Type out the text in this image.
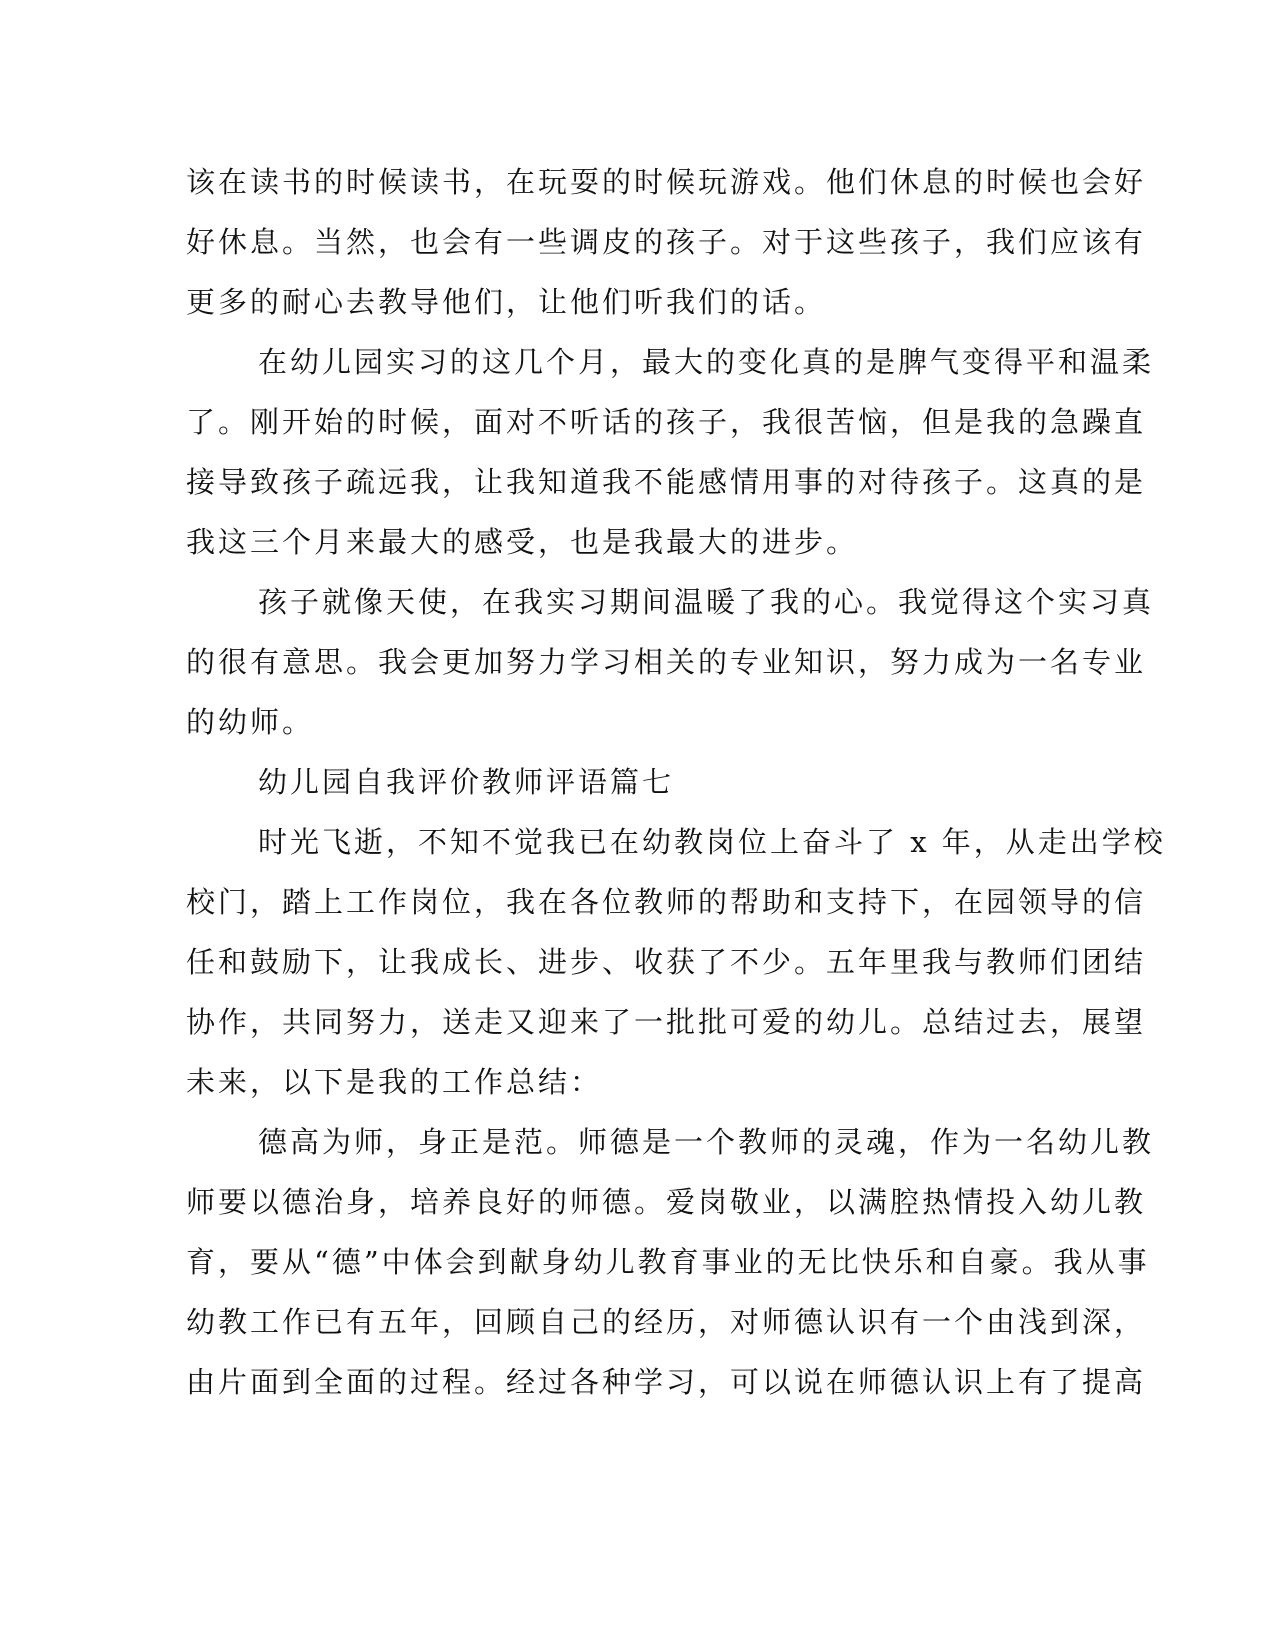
该在读书的时候读书，在玩耍的时候玩游戏。他们休息的时候也会好
好休息。当然，也会有一些调皮的孩子。对于这些孩子，我们应该有
更多的耐心去教导他们，让他们听我们的话。
在幼儿园实习的这几个月，最大的变化真的是脾气变得平和温柔
了。刚开始的时候，面对不听话的孩子，我很苦恼，但是我的急躁直
接导致孩子疏远我，让我知道我不能感情用事的对待孩子。这真的是
我这三个月来最大的感受，也是我最大的进步。
孩子就像天使，在我实习期间温暖了我的心。我觉得这个实习真
的很有意思。我会更加努力学习相关的专业知识，努力成为一名专业
的幼师。
幼儿园自我评价教师评语篇七
时光飞逝，不知不觉我已在幼教岗位上奋斗了 x 年，从走出学校
校门，踏上工作岗位，我在各位教师的帮助和支持下，在园领导的信
任和鼓励下，让我成长、进步、收获了不少。五年里我与教师们团结
协作，共同努力，送走又迎来了一批批可爱的幼儿。总结过去，展望
未来，以下是我的工作总结：
德高为师，身正是范。师德是一个教师的灵魂，作为一名幼儿教
师要以德治身，培养良好的师德。爱岗敬业，以满腔热情投入幼儿教
育，要从“德”中体会到献身幼儿教育事业的无比快乐和自豪。我从事
幼教工作已有五年，回顾自己的经历，对师德认识有一个由浅到深，
由片面到全面的过程。经过各种学习，可以说在师德认识上有了提高
